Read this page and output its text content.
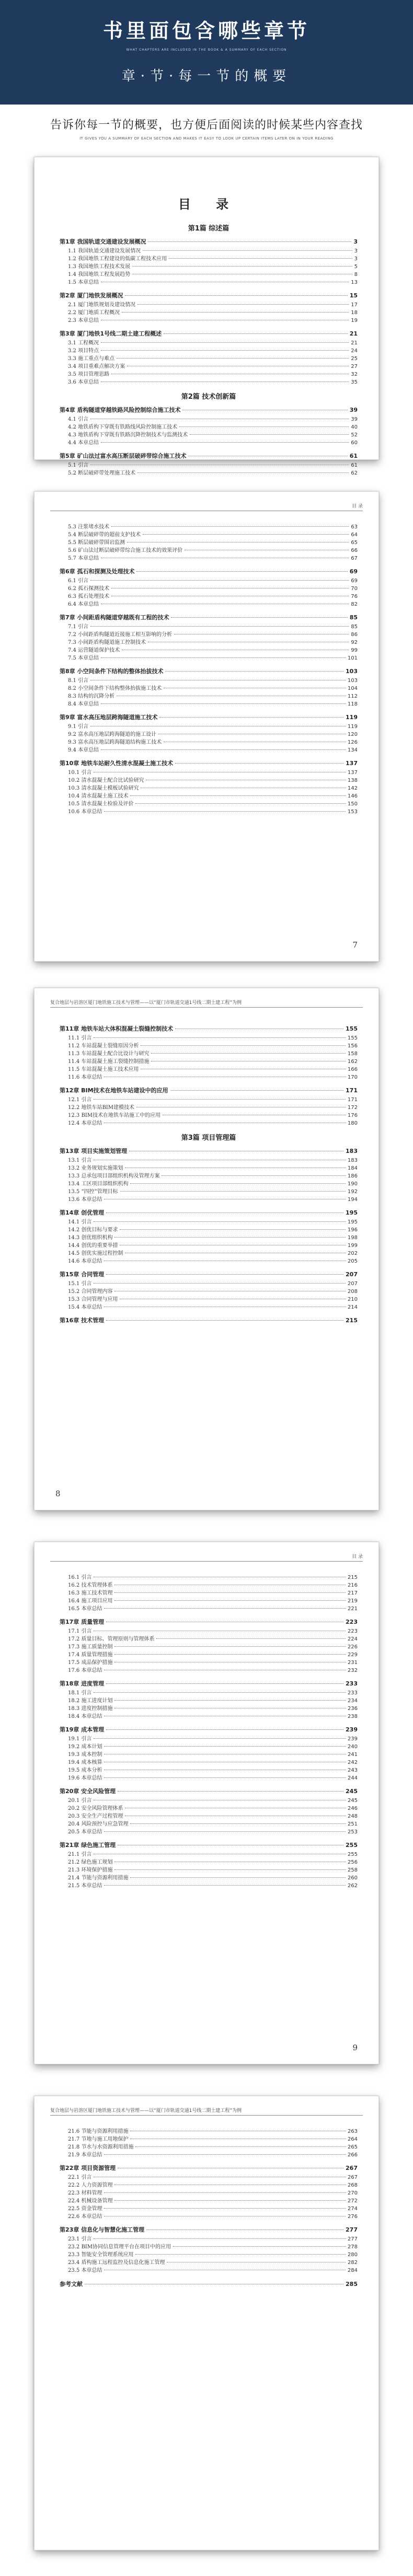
书里面包含哪些章节
WHAT CHAPTERS ARE INCLUDED IN THE BOOK & A SUMMARY OF EACH SECTION
章·节·每一节的概要
告诉你每一节的概要，也方便后面阅读的时候某些内容查找
IT GIVES YOU A SUMMARY OF EACH SECTION AND MAKES IT EASY TO LOOK UP CERTAIN ITEMS LATER ON IN YOUR READING
目 录
第1篇 综述篇
第1章 我国轨道交通建设发展概况	3
1.1 我国轨道交通建设发展情况	3
1.2 我国地铁工程建设的低碳工程技术应用	3
1.3 我国地铁工程技术发展	5
1.4 我国地铁工程发展趋势	8
1.5 本章总结	13
第2章 厦门地铁发展概况	15
2.1 厦门地铁规划及建设情况	17
2.2 厦门地质工程概况	18
2.3 本章总结	19
第3章 厦门地铁1号线二期土建工程概述	21
3.1 工程概况	21
3.2 项目特点	24
3.3 施工重点与难点	25
3.4 项目重难点解决方案	27
3.5 项目管理思路	32
3.6 本章总结	35
第2篇 技术创新篇
第4章 盾构隧道穿越铁路风险控制综合施工技术	39
4.1 引言	39
4.2 地铁盾构下穿既有铁路线风险控制施工技术	40
4.3 地铁盾构下穿既有铁路沉降控制技术与监测技术	52
4.4 本章总结	60
第5章 矿山法过富水高压断层破碎带综合施工技术	61
5.1 引言	61
5.2 断层破碎带处理施工技术	62
目 录
5.3 注浆堵水技术	63
5.4 断层破碎带的超前支护技术	64
5.5 断层破碎带围岩监测	65
5.6 矿山法过断层破碎带综合施工技术的效果评价	66
5.7 本章总结	67
第6章 孤石和探测及处理技术	69
6.1 引言	69
6.2 孤石探测技术	70
6.3 孤石处理技术	76
6.4 本章总结	82
第7章 小间距盾构隧道穿越既有工程的技术	85
7.1 引言	85
7.2 小间距盾构隧道近接施工相互影响的分析	86
7.3 小间距盾构隧道施工控制技术	92
7.4 运营隧道保护技术	99
7.5 本章总结	101
第8章 小空间条件下结构的整体抬拔技术	103
8.1 引言	103
8.2 小空间条件下结构整体抬拔施工技术	104
8.3 结构的沉降分析	112
8.4 本章总结	118
第9章 富水高压地层跨海隧道施工技术	119
9.1 引言	119
9.2 富水高压地层跨海隧道的施工设计	120
9.3 富水高压地层跨海隧道结构施工技术	126
9.4 本章总结	134
第10章 地铁车站耐久性清水混凝土施工技术	137
10.1 引言	137
10.2 清水混凝土配合比试验研究	138
10.3 清水混凝土模板试验研究	142
10.4 清水混凝土施工技术	146
10.5 清水混凝土检验及评价	150
10.6 本章总结	153
7
复合地层与岩溶区厦门地铁施工技术与管理——以“厦门市轨道交通1号线二期土建工程”为例
第11章 地铁车站大体积混凝土裂缝控制技术	155
11.1 引言	155
11.2 车站混凝土裂缝原因分析	156
11.3 车站混凝土配合比设计与研究	158
11.4 车站混凝土施工裂缝控制措施	162
11.5 车站混凝土施工技术应用	166
11.6 本章总结	170
第12章 BIM技术在地铁车站建设中的应用	171
12.1 引言	171
12.2 地铁车站BIM建模技术	172
12.3 BIM技术在地铁车站施工中的应用	176
12.4 本章总结	180
第3篇 项目管理篇
第13章 项目实施策划管理	183
13.1 引言	183
13.2 业务规划实施策划	184
13.3 总承包项目部组织机构及管理方案	186
13.4 工区项目部组织机构	190
13.5 “四控”管理目标	192
13.6 本章总结	194
第14章 创优管理	195
14.1 引言	195
14.2 创优目标与要求	196
14.3 创优组织机构	198
14.4 创优的重要举措	199
14.5 创优实施过程控制	202
14.6 本章总结	205
第15章 合同管理	207
15.1 引言	207
15.2 合同管理内容	208
15.3 合同管理与应用	210
15.4 本章总结	214
第16章 技术管理	215
8
目 录
16.1 引言	215
16.2 技术管理体系	216
16.3 施工技术管理	217
16.4 施工项目应用	219
16.5 本章总结	221
第17章 质量管理	223
17.1 引言	223
17.2 质量目标、管理原则与管理体系	224
17.3 施工质量控制	226
17.4 质量管理措施	229
17.5 成品保护措施	231
17.6 本章总结	232
第18章 进度管理	233
18.1 引言	233
18.2 施工进度计划	234
18.3 进度控制措施	236
18.4 本章总结	238
第19章 成本管理	239
19.1 引言	239
19.2 成本计划	240
19.3 成本控制	241
19.4 成本核算	242
19.5 成本分析	243
19.6 本章总结	244
第20章 安全风险管理	245
20.1 引言	245
20.2 安全风险管理体系	246
20.3 安全生产过程管理	248
20.4 风险预控与应急管理	251
20.5 本章总结	253
第21章 绿色施工管理	255
21.1 引言	255
21.2 绿色施工规划	256
21.3 环境保护措施	258
21.4 节能与资源利用措施	260
21.5 本章总结	262
9
复合地层与岩溶区厦门地铁施工技术与管理——以“厦门市轨道交通1号线二期土建工程”为例
21.6 节能与资源利用措施	263
21.7 节地与施工用地保护	264
21.8 节水与水资源利用措施	265
21.9 本章总结	266
第22章 项目资源管理	267
22.1 引言	267
22.2 人力资源管理	268
22.3 材料管理	270
22.4 机械设备管理	272
22.5 资金管理	274
22.6 本章总结	276
第23章 信息化与智慧化施工管理	277
23.1 引言	277
23.2 BIM协同信息管理平台在项目中的应用	278
23.3 智能安全管理系统应用	280
23.4 盾构施工远程监控及信息化施工管理	282
23.5 本章总结	284
参考文献	285
